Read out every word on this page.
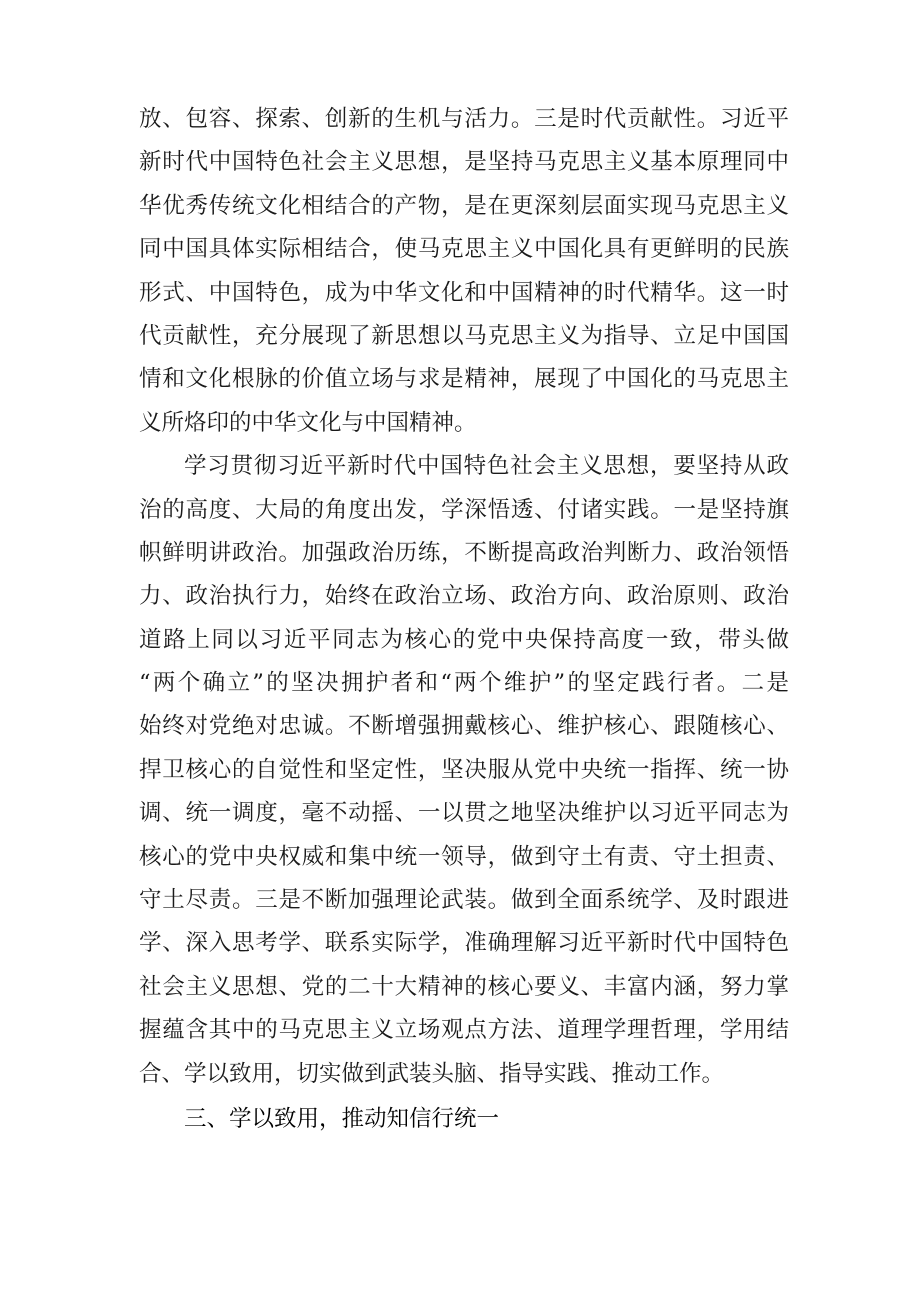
放、包容、探索、创新的生机与活力。三是时代贡献性。习近平
新时代中国特色社会主义思想，是坚持马克思主义基本原理同中
华优秀传统文化相结合的产物，是在更深刻层面实现马克思主义
同中国具体实际相结合，使马克思主义中国化具有更鲜明的民族
形式、中国特色，成为中华文化和中国精神的时代精华。这一时
代贡献性，充分展现了新思想以马克思主义为指导、立足中国国
情和文化根脉的价值立场与求是精神，展现了中国化的马克思主
义所烙印的中华文化与中国精神。
学习贯彻习近平新时代中国特色社会主义思想，要坚持从政
治的高度、大局的角度出发，学深悟透、付诸实践。一是坚持旗
帜鲜明讲政治。加强政治历练，不断提高政治判断力、政治领悟
力、政治执行力，始终在政治立场、政治方向、政治原则、政治
道路上同以习近平同志为核心的党中央保持高度一致，带头做
“两个确立”的坚决拥护者和“两个维护”的坚定践行者。二是
始终对党绝对忠诚。不断增强拥戴核心、维护核心、跟随核心、
捍卫核心的自觉性和坚定性，坚决服从党中央统一指挥、统一协
调、统一调度，毫不动摇、一以贯之地坚决维护以习近平同志为
核心的党中央权威和集中统一领导，做到守土有责、守土担责、
守土尽责。三是不断加强理论武装。做到全面系统学、及时跟进
学、深入思考学、联系实际学，准确理解习近平新时代中国特色
社会主义思想、党的二十大精神的核心要义、丰富内涵，努力掌
握蕴含其中的马克思主义立场观点方法、道理学理哲理，学用结
合、学以致用，切实做到武装头脑、指导实践、推动工作。
三、学以致用，推动知信行统一
